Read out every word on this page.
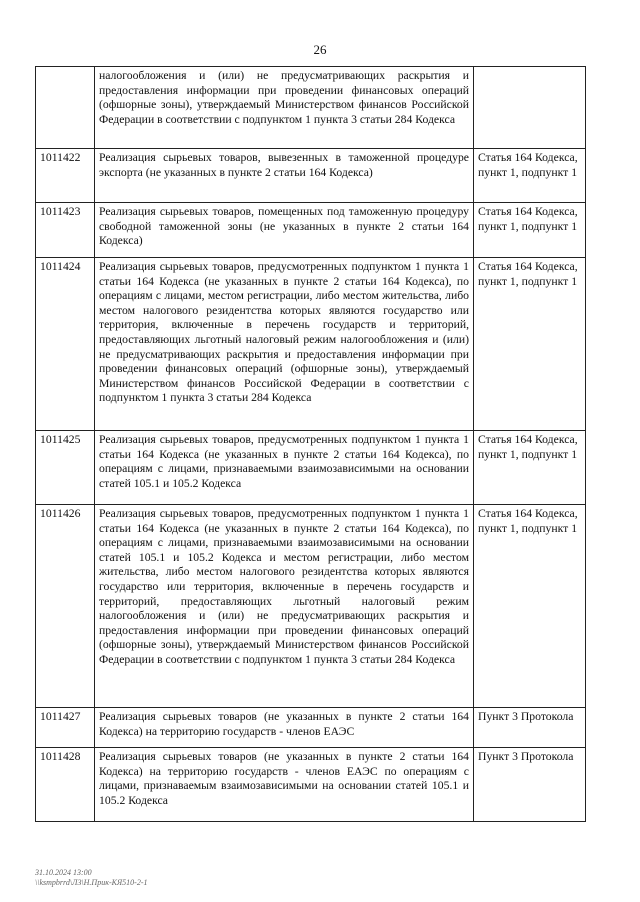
26
	налогообложения и (или) не предусматривающих раскрытия и предоставления информации при проведении финансовых операций (офшорные зоны), утверждаемый Министерством финансов Российской Федерации в соответствии с подпунктом 1 пункта 3 статьи 284 Кодекса	
1011422	Реализация сырьевых товаров, вывезенных в таможенной процедуре экспорта (не указанных в пункте 2 статьи 164 Кодекса)	Статья 164 Кодекса, пункт 1, подпункт 1
1011423	Реализация сырьевых товаров, помещенных под таможенную процедуру свободной таможенной зоны (не указанных в пункте 2 статьи 164 Кодекса)	Статья 164 Кодекса, пункт 1, подпункт 1
1011424	Реализация сырьевых товаров, предусмотренных подпунктом 1 пункта 1 статьи 164 Кодекса (не указанных в пункте 2 статьи 164 Кодекса), по операциям с лицами, местом регистрации, либо местом жительства, либо местом налогового резидентства которых являются государство или территория, включенные в перечень государств и территорий, предоставляющих льготный налоговый режим налогообложения и (или) не предусматривающих раскрытия и предоставления информации при проведении финансовых операций (офшорные зоны), утверждаемый Министерством финансов Российской Федерации в соответствии с подпунктом 1 пункта 3 статьи 284 Кодекса	Статья 164 Кодекса, пункт 1, подпункт 1
1011425	Реализация сырьевых товаров, предусмотренных подпунктом 1 пункта 1 статьи 164 Кодекса (не указанных в пункте 2 статьи 164 Кодекса), по операциям с лицами, признаваемыми взаимозависимыми на основании статей 105.1 и 105.2 Кодекса	Статья 164 Кодекса, пункт 1, подпункт 1
1011426	Реализация сырьевых товаров, предусмотренных подпунктом 1 пункта 1 статьи 164 Кодекса (не указанных в пункте 2 статьи 164 Кодекса), по операциям с лицами, признаваемыми взаимозависимыми на основании статей 105.1 и 105.2 Кодекса и местом регистрации, либо местом жительства, либо местом налогового резидентства которых являются государство или территория, включенные в перечень государств и территорий, предоставляющих льготный налоговый режим налогообложения и (или) не предусматривающих раскрытия и предоставления информации при проведении финансовых операций (офшорные зоны), утверждаемый Министерством финансов Российской Федерации в соответствии с подпунктом 1 пункта 3 статьи 284 Кодекса	Статья 164 Кодекса, пункт 1, подпункт 1
1011427	Реализация сырьевых товаров (не указанных в пункте 2 статьи 164 Кодекса) на территорию государств - членов ЕАЭС	Пункт 3 Протокола
1011428	Реализация сырьевых товаров (не указанных в пункте 2 статьи 164 Кодекса) на территорию государств - членов ЕАЭС по операциям с лицами, признаваемым взаимозависимыми на основании статей 105.1 и 105.2 Кодекса	Пункт 3 Протокола
31.10.2024 13:00
\\ksmpbrrd\ЛЗ\Н.Прик-КЯ510-2-1
